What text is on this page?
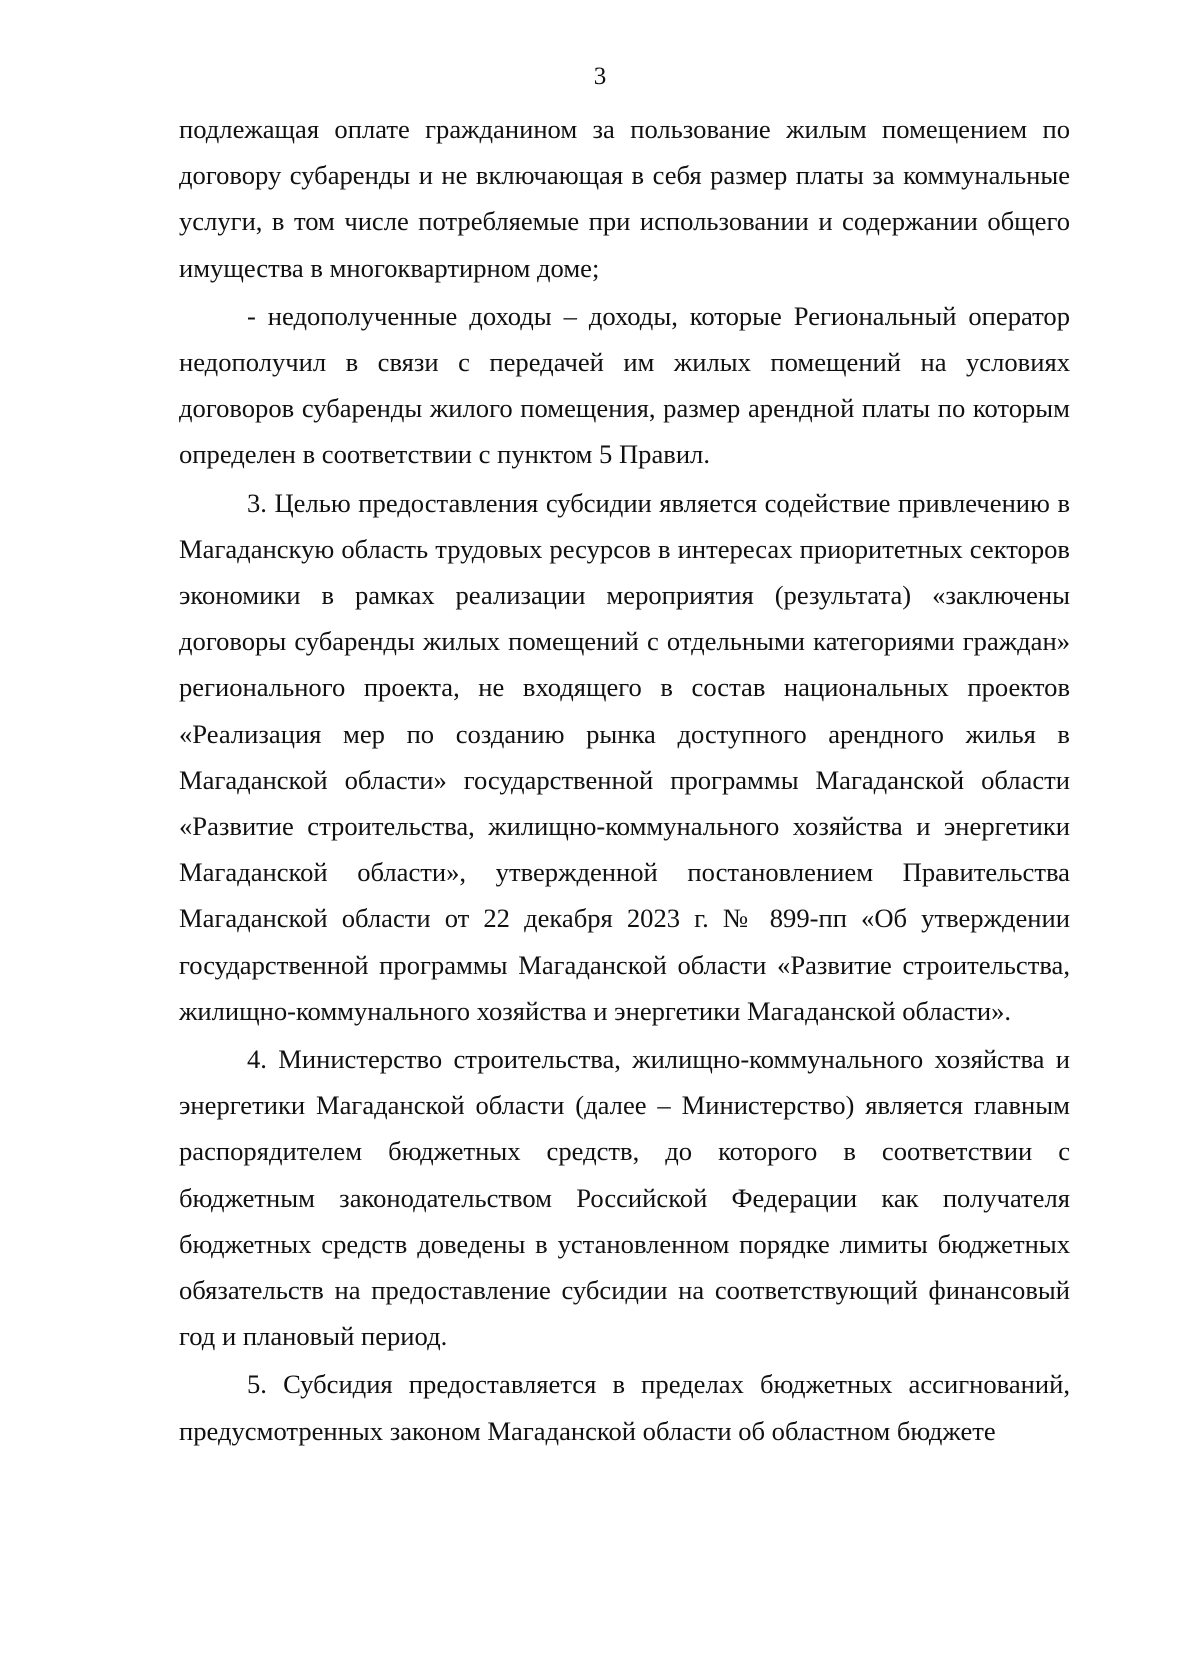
3

подлежащая оплате гражданином за пользование жилым помещением по договору субаренды и не включающая в себя размер платы за коммунальные услуги, в том числе потребляемые при использовании и содержании общего имущества в многоквартирном доме;

- недополученные доходы – доходы, которые Региональный оператор недополучил в связи с передачей им жилых помещений на условиях договоров субаренды жилого помещения, размер арендной платы по которым определен в соответствии с пунктом 5 Правил.

3. Целью предоставления субсидии является содействие привлечению в Магаданскую область трудовых ресурсов в интересах приоритетных секторов экономики в рамках реализации мероприятия (результата) «заключены договоры субаренды жилых помещений с отдельными категориями граждан» регионального проекта, не входящего в состав национальных проектов «Реализация мер по созданию рынка доступного арендного жилья в Магаданской области» государственной программы Магаданской области «Развитие строительства, жилищно-коммунального хозяйства и энергетики Магаданской области», утвержденной постановлением Правительства Магаданской области от 22 декабря 2023 г. № 899-пп «Об утверждении государственной программы Магаданской области «Развитие строительства, жилищно-коммунального хозяйства и энергетики Магаданской области».

4. Министерство строительства, жилищно-коммунального хозяйства и энергетики Магаданской области (далее – Министерство) является главным распорядителем бюджетных средств, до которого в соответствии с бюджетным законодательством Российской Федерации как получателя бюджетных средств доведены в установленном порядке лимиты бюджетных обязательств на предоставление субсидии на соответствующий финансовый год и плановый период.

5. Субсидия предоставляется в пределах бюджетных ассигнований, предусмотренных законом Магаданской области об областном бюджете
